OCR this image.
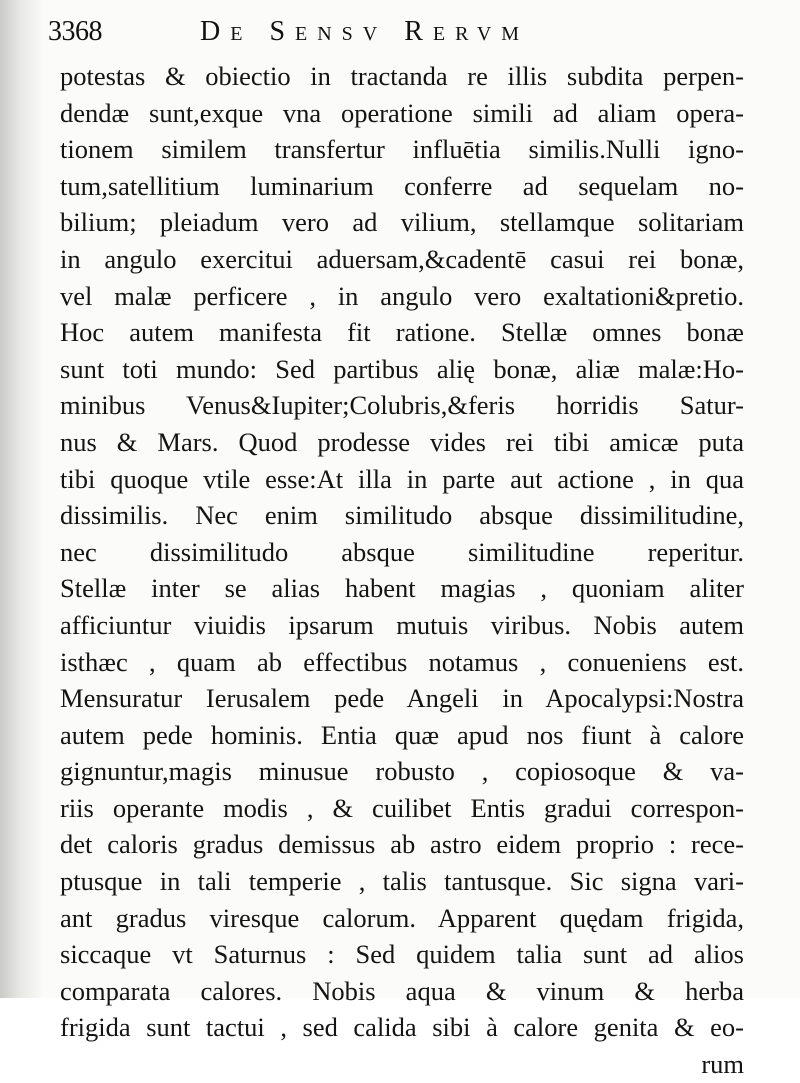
3368	De Sensv Rervm
potestas & obiectio in tractanda re illis subdita perpen-
dendæ sunt,exque vna operatione simili ad aliam opera-
tionem similem transfertur influētia similis.Nulli igno-
tum,satellitium luminarium conferre ad sequelam no-
bilium; pleiadum vero ad vilium, stellamque solitariam
in angulo exercitui aduersam,&cadentē casui rei bonæ,
vel malæ perficere , in angulo vero exaltationi&pretio.
Hoc autem manifesta fit ratione. Stellæ omnes bonæ
sunt toti mundo: Sed partibus alię bonæ, aliæ malæ:Ho-
minibus Venus&Iupiter;Colubris,&feris horridis Satur-
nus & Mars. Quod prodesse vides rei tibi amicæ puta
tibi quoque vtile esse:At illa in parte aut actione , in qua
dissimilis. Nec enim similitudo absque dissimilitudine,
nec dissimilitudo absque similitudine reperitur.
Stellæ inter se alias habent magias , quoniam aliter
afficiuntur viuidis ipsarum mutuis viribus. Nobis autem
isthæc , quam ab effectibus notamus , conueniens est.
Mensuratur Ierusalem pede Angeli in Apocalypsi:Nostra
autem pede hominis. Entia quæ apud nos fiunt à calore
gignuntur,magis minusue robusto , copiosoque & va-
riis operante modis , & cuilibet Entis gradui correspon-
det caloris gradus demissus ab astro eidem proprio : rece-
ptusque in tali temperie , talis tantusque. Sic signa vari-
ant gradus viresque calorum. Apparent quędam frigida,
siccaque vt Saturnus : Sed quidem talia sunt ad alios
comparata calores. Nobis aqua & vinum & herba
frigida sunt tactui , sed calida sibi à calore genita & eo-
rum
